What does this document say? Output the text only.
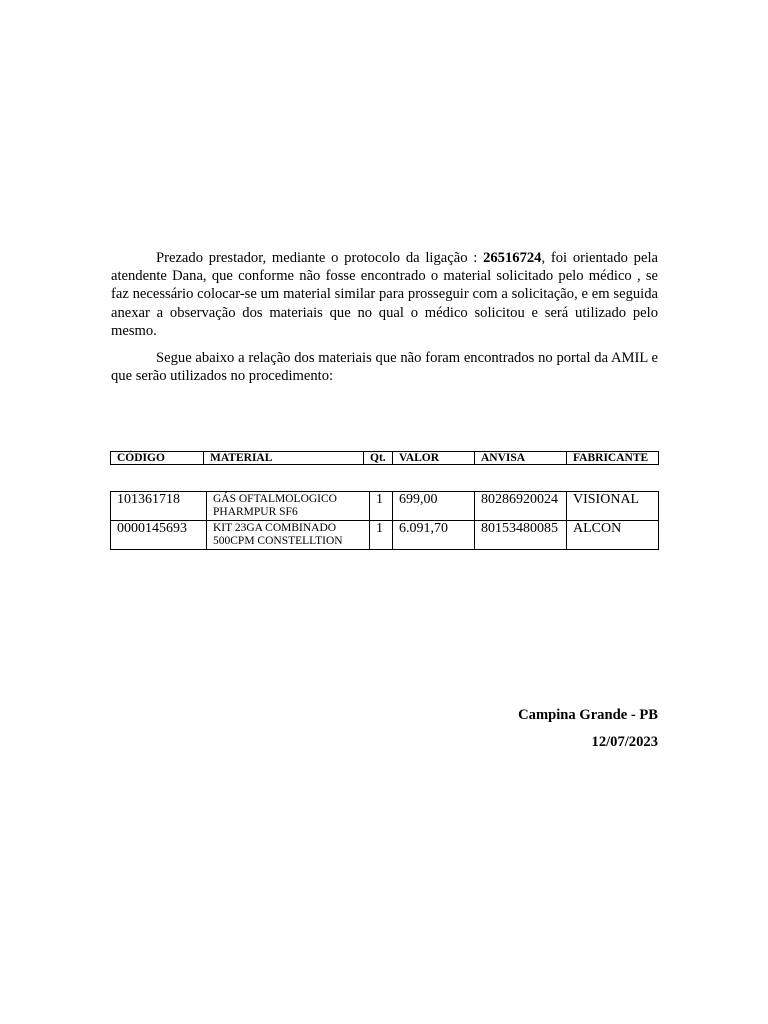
Prezado prestador, mediante o protocolo da ligação : 26516724, foi orientado pela atendente Dana, que conforme não fosse encontrado o material solicitado pelo médico , se faz necessário colocar-se um material similar para prosseguir com a solicitação, e em seguida anexar a observação dos materiais que no qual o médico solicitou e será utilizado pelo mesmo.

Segue abaixo a relação dos materiais que não foram encontrados no portal da AMIL e que serão utilizados no procedimento:

CÓDIGO	MATERIAL	Qt.	VALOR	ANVISA	FABRICANTE
101361718	GÁS OFTALMOLOGICO PHARMPUR SF6	1	699,00	80286920024	VISIONAL
0000145693	KIT 23GA COMBINADO 500CPM CONSTELLTION	1	6.091,70	80153480085	ALCON
Campina Grande - PB
12/07/2023
